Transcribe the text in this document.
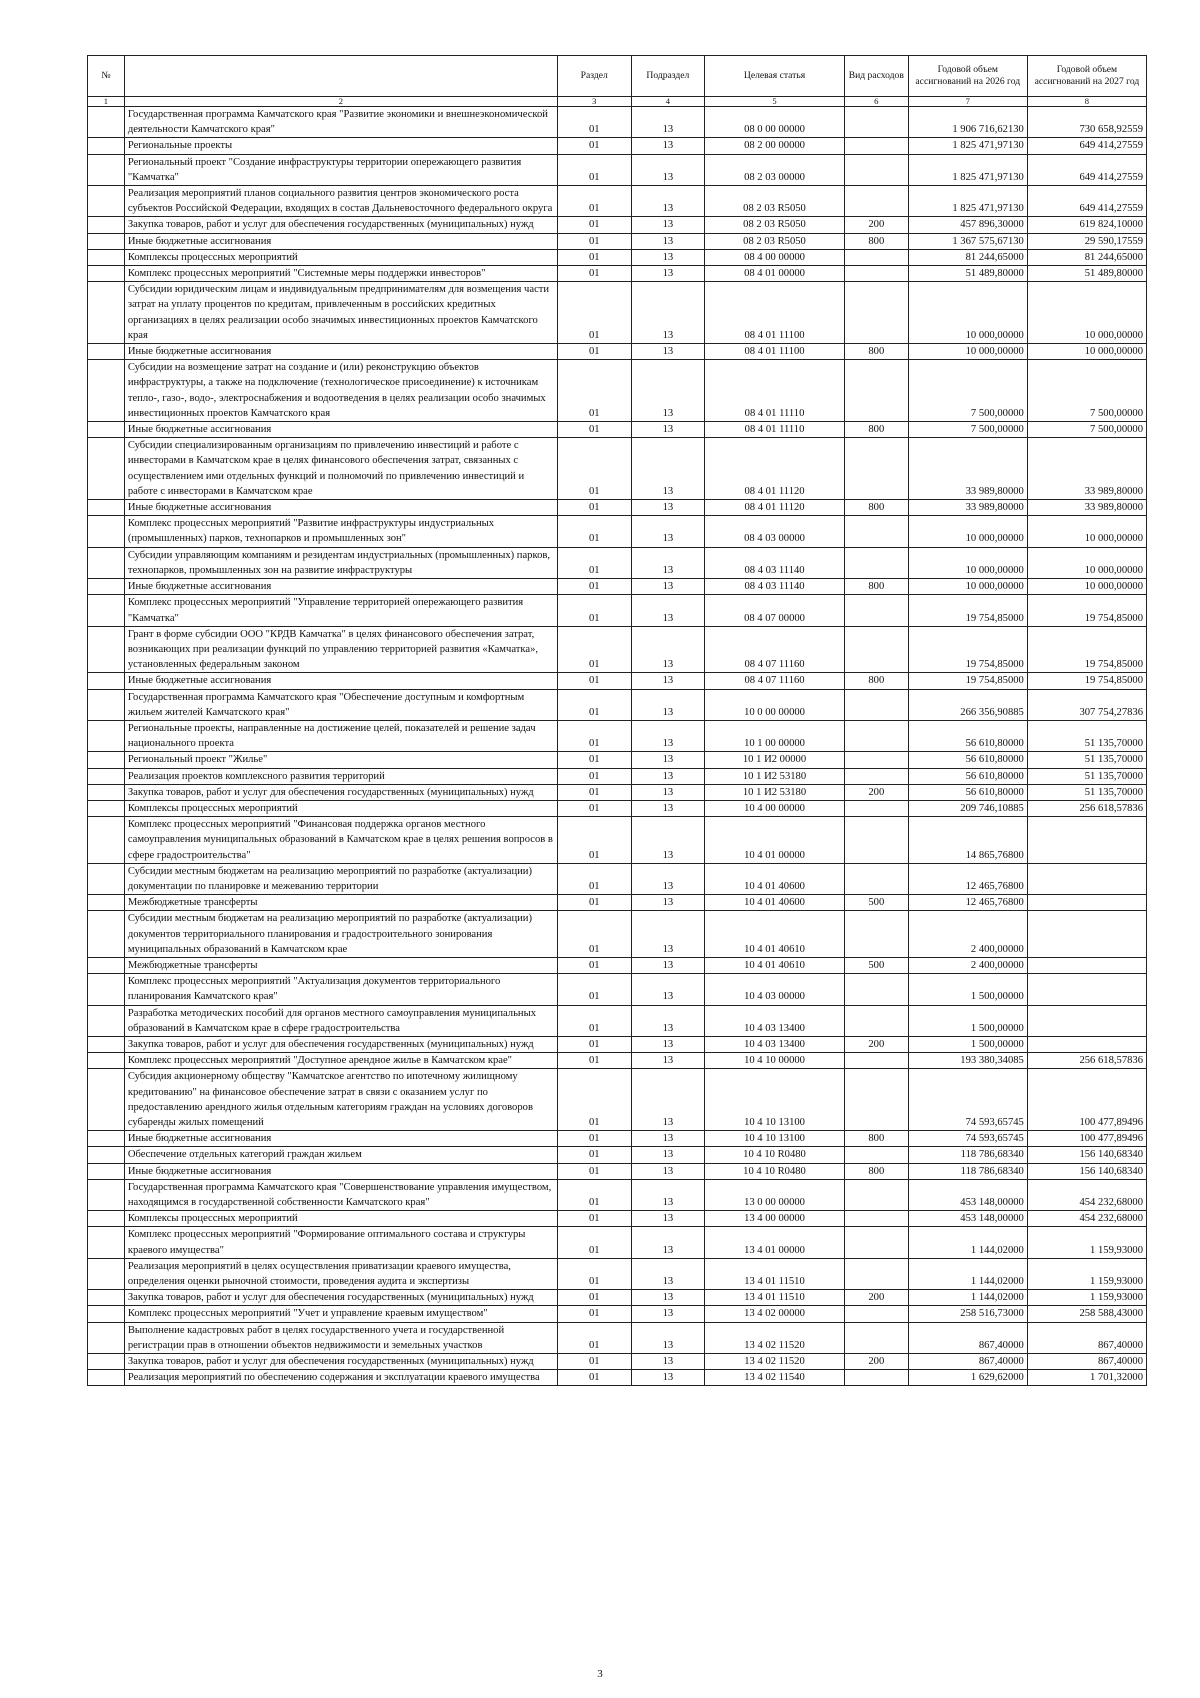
№		Раздел	Подраздел	Целевая статья	Вид расходов	Годовой объем ассигнований на 2026 год	Годовой объем ассигнований на 2027 год
1	2	3	4	5	6	7	8
	Государственная программа Камчатского края "Развитие экономики и внешнеэкономической деятельности Камчатского края"	01	13	08 0 00 00000		1 906 716,62130	730 658,92559
	Региональные проекты	01	13	08 2 00 00000		1 825 471,97130	649 414,27559
	Региональный проект "Создание инфраструктуры территории опережающего развития "Камчатка"	01	13	08 2 03 00000		1 825 471,97130	649 414,27559
	Реализация мероприятий планов социального развития центров экономического роста субъектов Российской Федерации, входящих в состав Дальневосточного федерального округа	01	13	08 2 03 R5050		1 825 471,97130	649 414,27559
	Закупка товаров, работ и услуг для обеспечения государственных (муниципальных) нужд	01	13	08 2 03 R5050	200	457 896,30000	619 824,10000
	Иные бюджетные ассигнования	01	13	08 2 03 R5050	800	1 367 575,67130	29 590,17559
	Комплексы процессных мероприятий	01	13	08 4 00 00000		81 244,65000	81 244,65000
	Комплекс процессных мероприятий "Системные меры поддержки инвесторов"	01	13	08 4 01 00000		51 489,80000	51 489,80000
	Субсидии юридическим лицам и индивидуальным предпринимателям для возмещения части затрат на уплату процентов по кредитам, привлеченным в российских кредитных организациях в целях реализации особо значимых инвестиционных проектов Камчатского края	01	13	08 4 01 11100		10 000,00000	10 000,00000
	Иные бюджетные ассигнования	01	13	08 4 01 11100	800	10 000,00000	10 000,00000
	Субсидии на возмещение затрат на создание и (или) реконструкцию объектов инфраструктуры, а также на подключение (технологическое присоединение) к источникам тепло-, газо-, водо-, электроснабжения и водоотведения в целях реализации особо значимых инвестиционных проектов Камчатского края	01	13	08 4 01 11110		7 500,00000	7 500,00000
	Иные бюджетные ассигнования	01	13	08 4 01 11110	800	7 500,00000	7 500,00000
	Субсидии специализированным организациям по привлечению инвестиций и работе с инвесторами в Камчатском крае в целях финансового обеспечения затрат, связанных с осуществлением ими отдельных функций и полномочий по привлечению инвестиций и работе с инвесторами в Камчатском крае	01	13	08 4 01 11120		33 989,80000	33 989,80000
	Иные бюджетные ассигнования	01	13	08 4 01 11120	800	33 989,80000	33 989,80000
	Комплекс процессных мероприятий "Развитие инфраструктуры индустриальных (промышленных) парков, технопарков и промышленных зон"	01	13	08 4 03 00000		10 000,00000	10 000,00000
	Субсидии управляющим компаниям и резидентам индустриальных (промышленных) парков, технопарков, промышленных зон на развитие инфраструктуры	01	13	08 4 03 11140		10 000,00000	10 000,00000
	Иные бюджетные ассигнования	01	13	08 4 03 11140	800	10 000,00000	10 000,00000
	Комплекс процессных мероприятий "Управление территорией опережающего развития "Камчатка"	01	13	08 4 07 00000		19 754,85000	19 754,85000
	Грант в форме субсидии ООО "КРДВ Камчатка" в целях финансового обеспечения затрат, возникающих при реализации функций по управлению территорией развития «Камчатка», установленных федеральным законом	01	13	08 4 07 11160		19 754,85000	19 754,85000
	Иные бюджетные ассигнования	01	13	08 4 07 11160	800	19 754,85000	19 754,85000
	Государственная программа Камчатского края "Обеспечение доступным и комфортным жильем жителей Камчатского края"	01	13	10 0 00 00000		266 356,90885	307 754,27836
	Региональные проекты, направленные на достижение целей, показателей и решение задач национального проекта	01	13	10 1 00 00000		56 610,80000	51 135,70000
	Региональный проект "Жилье"	01	13	10 1 И2 00000		56 610,80000	51 135,70000
	Реализация проектов комплексного развития территорий	01	13	10 1 И2 53180		56 610,80000	51 135,70000
	Закупка товаров, работ и услуг для обеспечения государственных (муниципальных) нужд	01	13	10 1 И2 53180	200	56 610,80000	51 135,70000
	Комплексы процессных мероприятий	01	13	10 4 00 00000		209 746,10885	256 618,57836
	Комплекс процессных мероприятий "Финансовая поддержка органов местного самоуправления муниципальных образований в Камчатском крае в целях решения вопросов в сфере градостроительства"	01	13	10 4 01 00000		14 865,76800	
	Субсидии местным бюджетам на реализацию мероприятий по разработке (актуализации) документации по планировке и межеванию территории	01	13	10 4 01 40600		12 465,76800	
	Межбюджетные трансферты	01	13	10 4 01 40600	500	12 465,76800	
	Субсидии местным бюджетам на реализацию мероприятий по разработке (актуализации) документов территориального планирования и градостроительного зонирования муниципальных образований в Камчатском крае	01	13	10 4 01 40610		2 400,00000	
	Межбюджетные трансферты	01	13	10 4 01 40610	500	2 400,00000	
	Комплекс процессных мероприятий "Актуализация документов территориального планирования Камчатского края"	01	13	10 4 03 00000		1 500,00000	
	Разработка методических пособий для органов местного самоуправления муниципальных образований в Камчатском крае в сфере градостроительства	01	13	10 4 03 13400		1 500,00000	
	Закупка товаров, работ и услуг для обеспечения государственных (муниципальных) нужд	01	13	10 4 03 13400	200	1 500,00000	
	Комплекс процессных мероприятий "Доступное арендное жилье в Камчатском крае"	01	13	10 4 10 00000		193 380,34085	256 618,57836
	Субсидия акционерному обществу "Камчатское агентство по ипотечному жилищному кредитованию" на финансовое обеспечение затрат в связи с оказанием услуг по предоставлению арендного жилья отдельным категориям граждан на условиях договоров субаренды жилых помещений	01	13	10 4 10 13100		74 593,65745	100 477,89496
	Иные бюджетные ассигнования	01	13	10 4 10 13100	800	74 593,65745	100 477,89496
	Обеспечение отдельных категорий граждан жильем	01	13	10 4 10 R0480		118 786,68340	156 140,68340
	Иные бюджетные ассигнования	01	13	10 4 10 R0480	800	118 786,68340	156 140,68340
	Государственная программа Камчатского края "Совершенствование управления имуществом, находящимся в государственной собственности Камчатского края"	01	13	13 0 00 00000		453 148,00000	454 232,68000
	Комплексы процессных мероприятий	01	13	13 4 00 00000		453 148,00000	454 232,68000
	Комплекс процессных мероприятий "Формирование оптимального состава и структуры краевого имущества"	01	13	13 4 01 00000		1 144,02000	1 159,93000
	Реализация мероприятий в целях осуществления приватизации краевого имущества, определения оценки рыночной стоимости, проведения аудита и экспертизы	01	13	13 4 01 11510		1 144,02000	1 159,93000
	Закупка товаров, работ и услуг для обеспечения государственных (муниципальных) нужд	01	13	13 4 01 11510	200	1 144,02000	1 159,93000
	Комплекс процессных мероприятий "Учет и управление краевым имуществом"	01	13	13 4 02 00000		258 516,73000	258 588,43000
	Выполнение кадастровых работ в целях государственного учета и государственной регистрации прав в отношении объектов недвижимости и земельных участков	01	13	13 4 02 11520		867,40000	867,40000
	Закупка товаров, работ и услуг для обеспечения государственных (муниципальных) нужд	01	13	13 4 02 11520	200	867,40000	867,40000
	Реализация мероприятий по обеспечению содержания и эксплуатации краевого имущества	01	13	13 4 02 11540		1 629,62000	1 701,32000
3
